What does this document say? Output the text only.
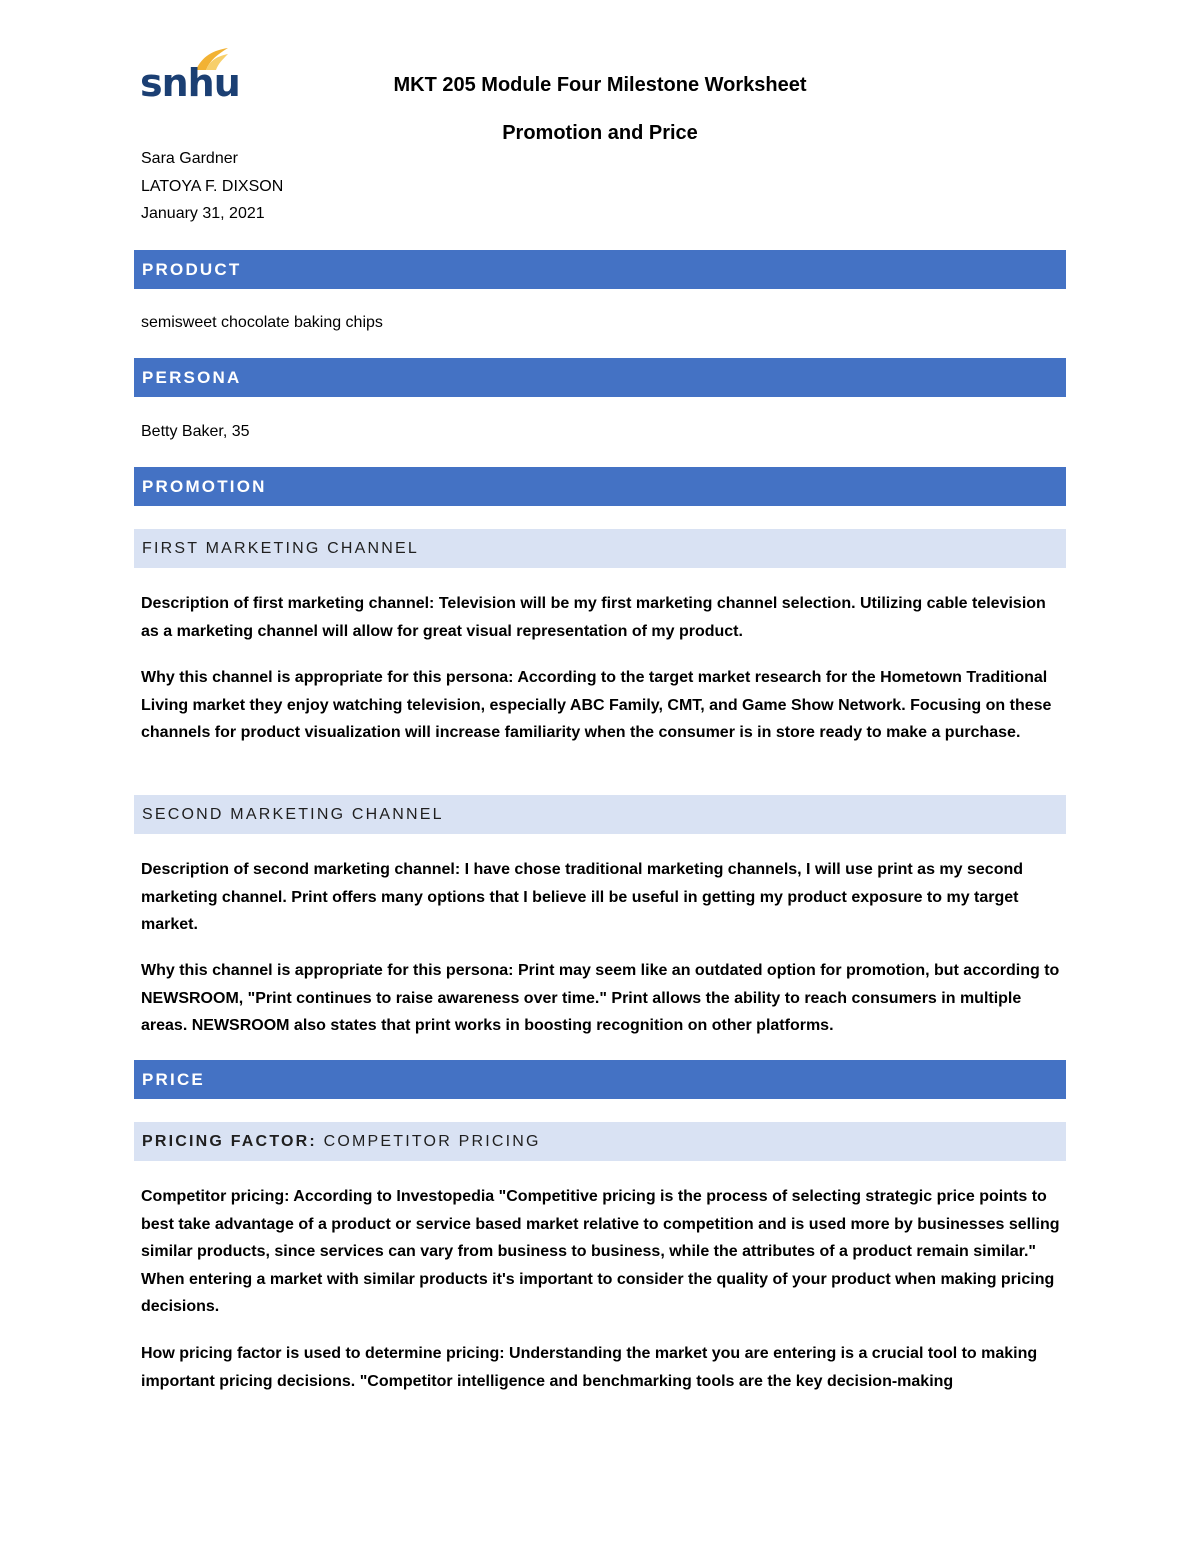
snhu	MKT 205 Module Four Milestone Worksheet
Promotion and Price
Sara Gardner
LATOYA F. DIXSON
January 31, 2021
PRODUCT
semisweet chocolate baking chips
PERSONA
Betty Baker, 35
PROMOTION
FIRST MARKETING CHANNEL
Description of first marketing channel: Television will be my first marketing channel selection. Utilizing cable television as a marketing channel will allow for great visual representation of my product.
Why this channel is appropriate for this persona: According to the target market research for the Hometown Traditional Living market they enjoy watching television, especially ABC Family, CMT, and Game Show Network. Focusing on these channels for product visualization will increase familiarity when the consumer is in store ready to make a purchase.
SECOND MARKETING CHANNEL
Description of second marketing channel: I have chose traditional marketing channels, I will use print as my second marketing channel. Print offers many options that I believe ill be useful in getting my product exposure to my target market.
Why this channel is appropriate for this persona: Print may seem like an outdated option for promotion, but according to NEWSROOM, "Print continues to raise awareness over time." Print allows the ability to reach consumers in multiple areas. NEWSROOM also states that print works in boosting recognition on other platforms.
PRICE
PRICING FACTOR: COMPETITOR PRICING
Competitor pricing: According to Investopedia "Competitive pricing is the process of selecting strategic price points to best take advantage of a product or service based market relative to competition and is used more by businesses selling similar products, since services can vary from business to business, while the attributes of a product remain similar." When entering a market with similar products it's important to consider the quality of your product when making pricing decisions.
How pricing factor is used to determine pricing: Understanding the market you are entering is a crucial tool to making important pricing decisions. "Competitor intelligence and benchmarking tools are the key decision-making
